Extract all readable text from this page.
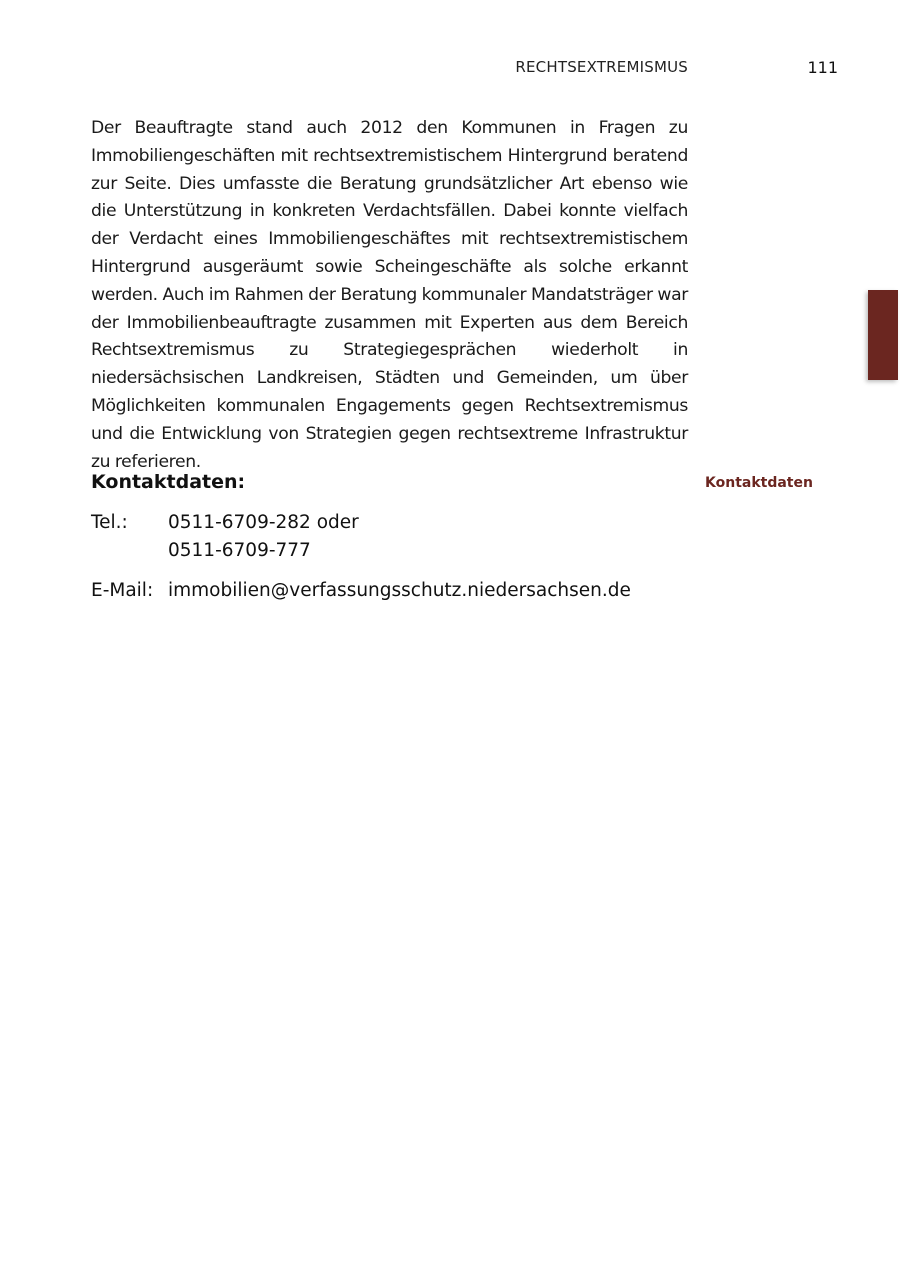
RECHTSEXTREMISMUS	111

Der Beauftragte stand auch 2012 den Kommunen in Fragen zu Immobiliengeschäften mit rechtsextremistischem Hintergrund beratend zur Seite. Dies umfasste die Beratung grundsätzlicher Art ebenso wie die Unterstützung in konkreten Verdachtsfällen. Dabei konnte vielfach der Verdacht eines Immobiliengeschäftes mit rechtsextremistischem Hintergrund ausgeräumt sowie Scheingeschäfte als solche erkannt werden. Auch im Rahmen der Beratung kommunaler Mandatsträger war der Immobilienbeauftragte zusammen mit Experten aus dem Bereich Rechtsextremismus zu Strategiegesprächen wiederholt in niedersächsischen Landkreisen, Städten und Gemeinden, um über Möglichkeiten kommunalen Engagements gegen Rechtsextremismus und die Entwicklung von Strategien gegen rechtsextreme Infrastruktur zu referieren.

Kontaktdaten:	Kontaktdaten
Tel.: 0511-6709-282 oder
0511-6709-777
E-Mail: immobilien@verfassungsschutz.niedersachsen.de
